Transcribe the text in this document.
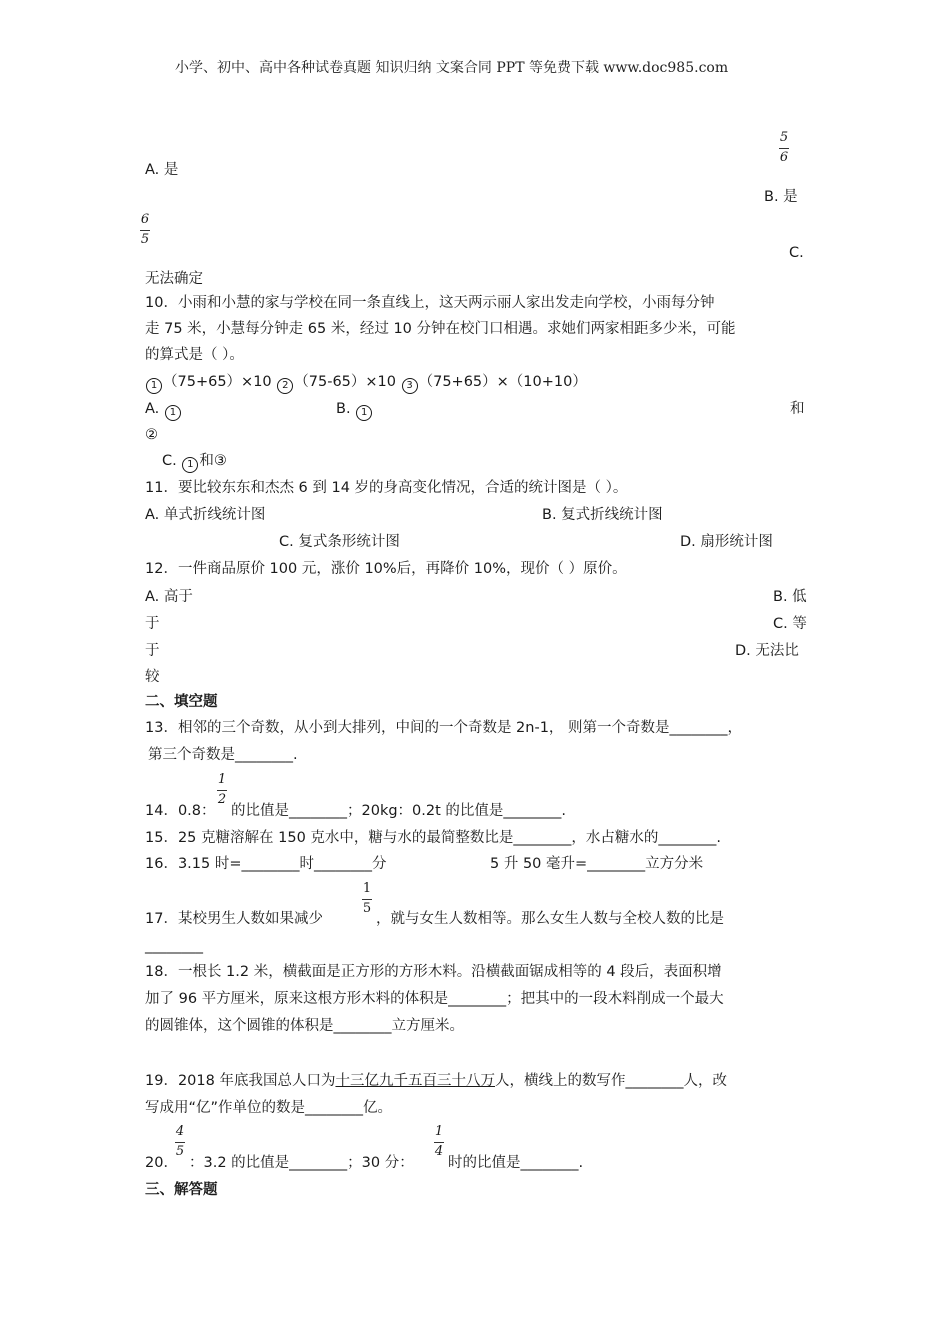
小学、初中、高中各种试卷真题 知识归纳 文案合同 PPT 等免费下载 www.doc985.com
A. 是
5
6
B. 是
6
5
C.
无法确定
10．小雨和小慧的家与学校在同一条直线上，这天两示丽人家出发走向学校，小雨每分钟
走 75 米，小慧每分钟走 65 米，经过 10 分钟在校门口相遇。求她们两家相距多少米，可能
的算式是（ ）。
1 （75+65）×10 2 （75-65）×10 3 （75+65）×（10+10）
A. 1	B. 1	和
②
C. 1 和③
11．要比较东东和杰杰 6 到 14 岁的身高变化情况，合适的统计图是（ ）。
A. 单式折线统计图	B. 复式折线统计图
C. 复式条形统计图	D. 扇形统计图
12．一件商品原价 100 元，涨价 10%后，再降价 10%，现价（ ）原价。
A. 高于	B. 低
于	C. 等
于	D. 无法比
较
二、填空题
13．相邻的三个奇数，从小到大排列，中间的一个奇数是 2n-1， 则第一个奇数是________，
第三个奇数是________.
14．0.8：
1
2
的比值是________；20kg：0.2t 的比值是________.
15．25 克糖溶解在 150 克水中，糖与水的最简整数比是________，水占糖水的________.
16．3.15 时=________时________分	5 升 50 毫升=________立方分米
17．某校男生人数如果减少
1
5
，就与女生人数相等。那么女生人数与全校人数的比是
________
18．一根长 1.2 米，横截面是正方形的方形木料。沿横截面锯成相等的 4 段后，表面积增
加了 96 平方厘米，原来这根方形木料的体积是________；把其中的一段木料削成一个最大
的圆锥体，这个圆锥的体积是________立方厘米。
19．2018 年底我国总人口为十三亿九千五百三十八万人，横线上的数写作________人，改
写成用“亿”作单位的数是________亿。
20．
4
5
：3.2 的比值是________；30 分：
1
4
时的比值是________.
三、解答题
